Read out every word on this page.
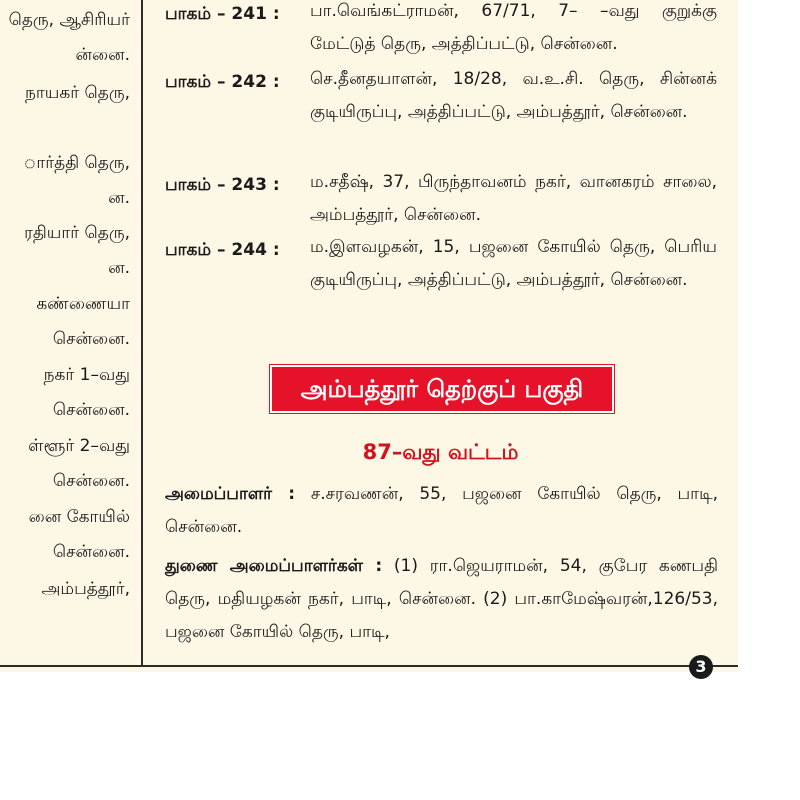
தெரு, ஆசிரியர்
ன்னை.
நாயகர் தெரு,
ார்த்தி தெரு,
ன.
ரதியார் தெரு,
ன.
கண்ணையா
சென்னை.
நகர் 1–வது
சென்னை.
ள்ளூர் 2–வது
சென்னை.
னை கோயில்
சென்னை.
அம்பத்தூர்,
பாகம் – 241 : பா.வெங்கட்ராமன், 67/71, 7– –வது குறுக்கு மேட்டுத் தெரு, அத்திப்பட்டு, சென்னை.
பாகம் – 242 : செ.தீனதயாளன், 18/28, வ.உ.சி. தெரு, சின்னக் குடியிருப்பு, அத்திப்பட்டு, அம்பத்தூர், சென்னை.
பாகம் – 243 : ம.சதீஷ், 37, பிருந்தாவனம் நகர், வானகரம் சாலை, அம்பத்தூர், சென்னை.
பாகம் – 244 : ம.இளவழகன், 15, பஜனை கோயில் தெரு, பெரிய குடியிருப்பு, அத்திப்பட்டு, அம்பத்தூர், சென்னை.
அம்பத்தூர் தெற்குப் பகுதி
87–வது வட்டம்
அமைப்பாளர் : ச.சரவணன், 55, பஜனை கோயில் தெரு, பாடி, சென்னை.
துணை அமைப்பாளர்கள் : (1) ரா.ஜெயராமன், 54, குபேர கணபதி தெரு, மதியழகன் நகர், பாடி, சென்னை. (2) பா.காமேஷ்வரன்,126/53, பஜனை கோயில் தெரு, பாடி,
3
